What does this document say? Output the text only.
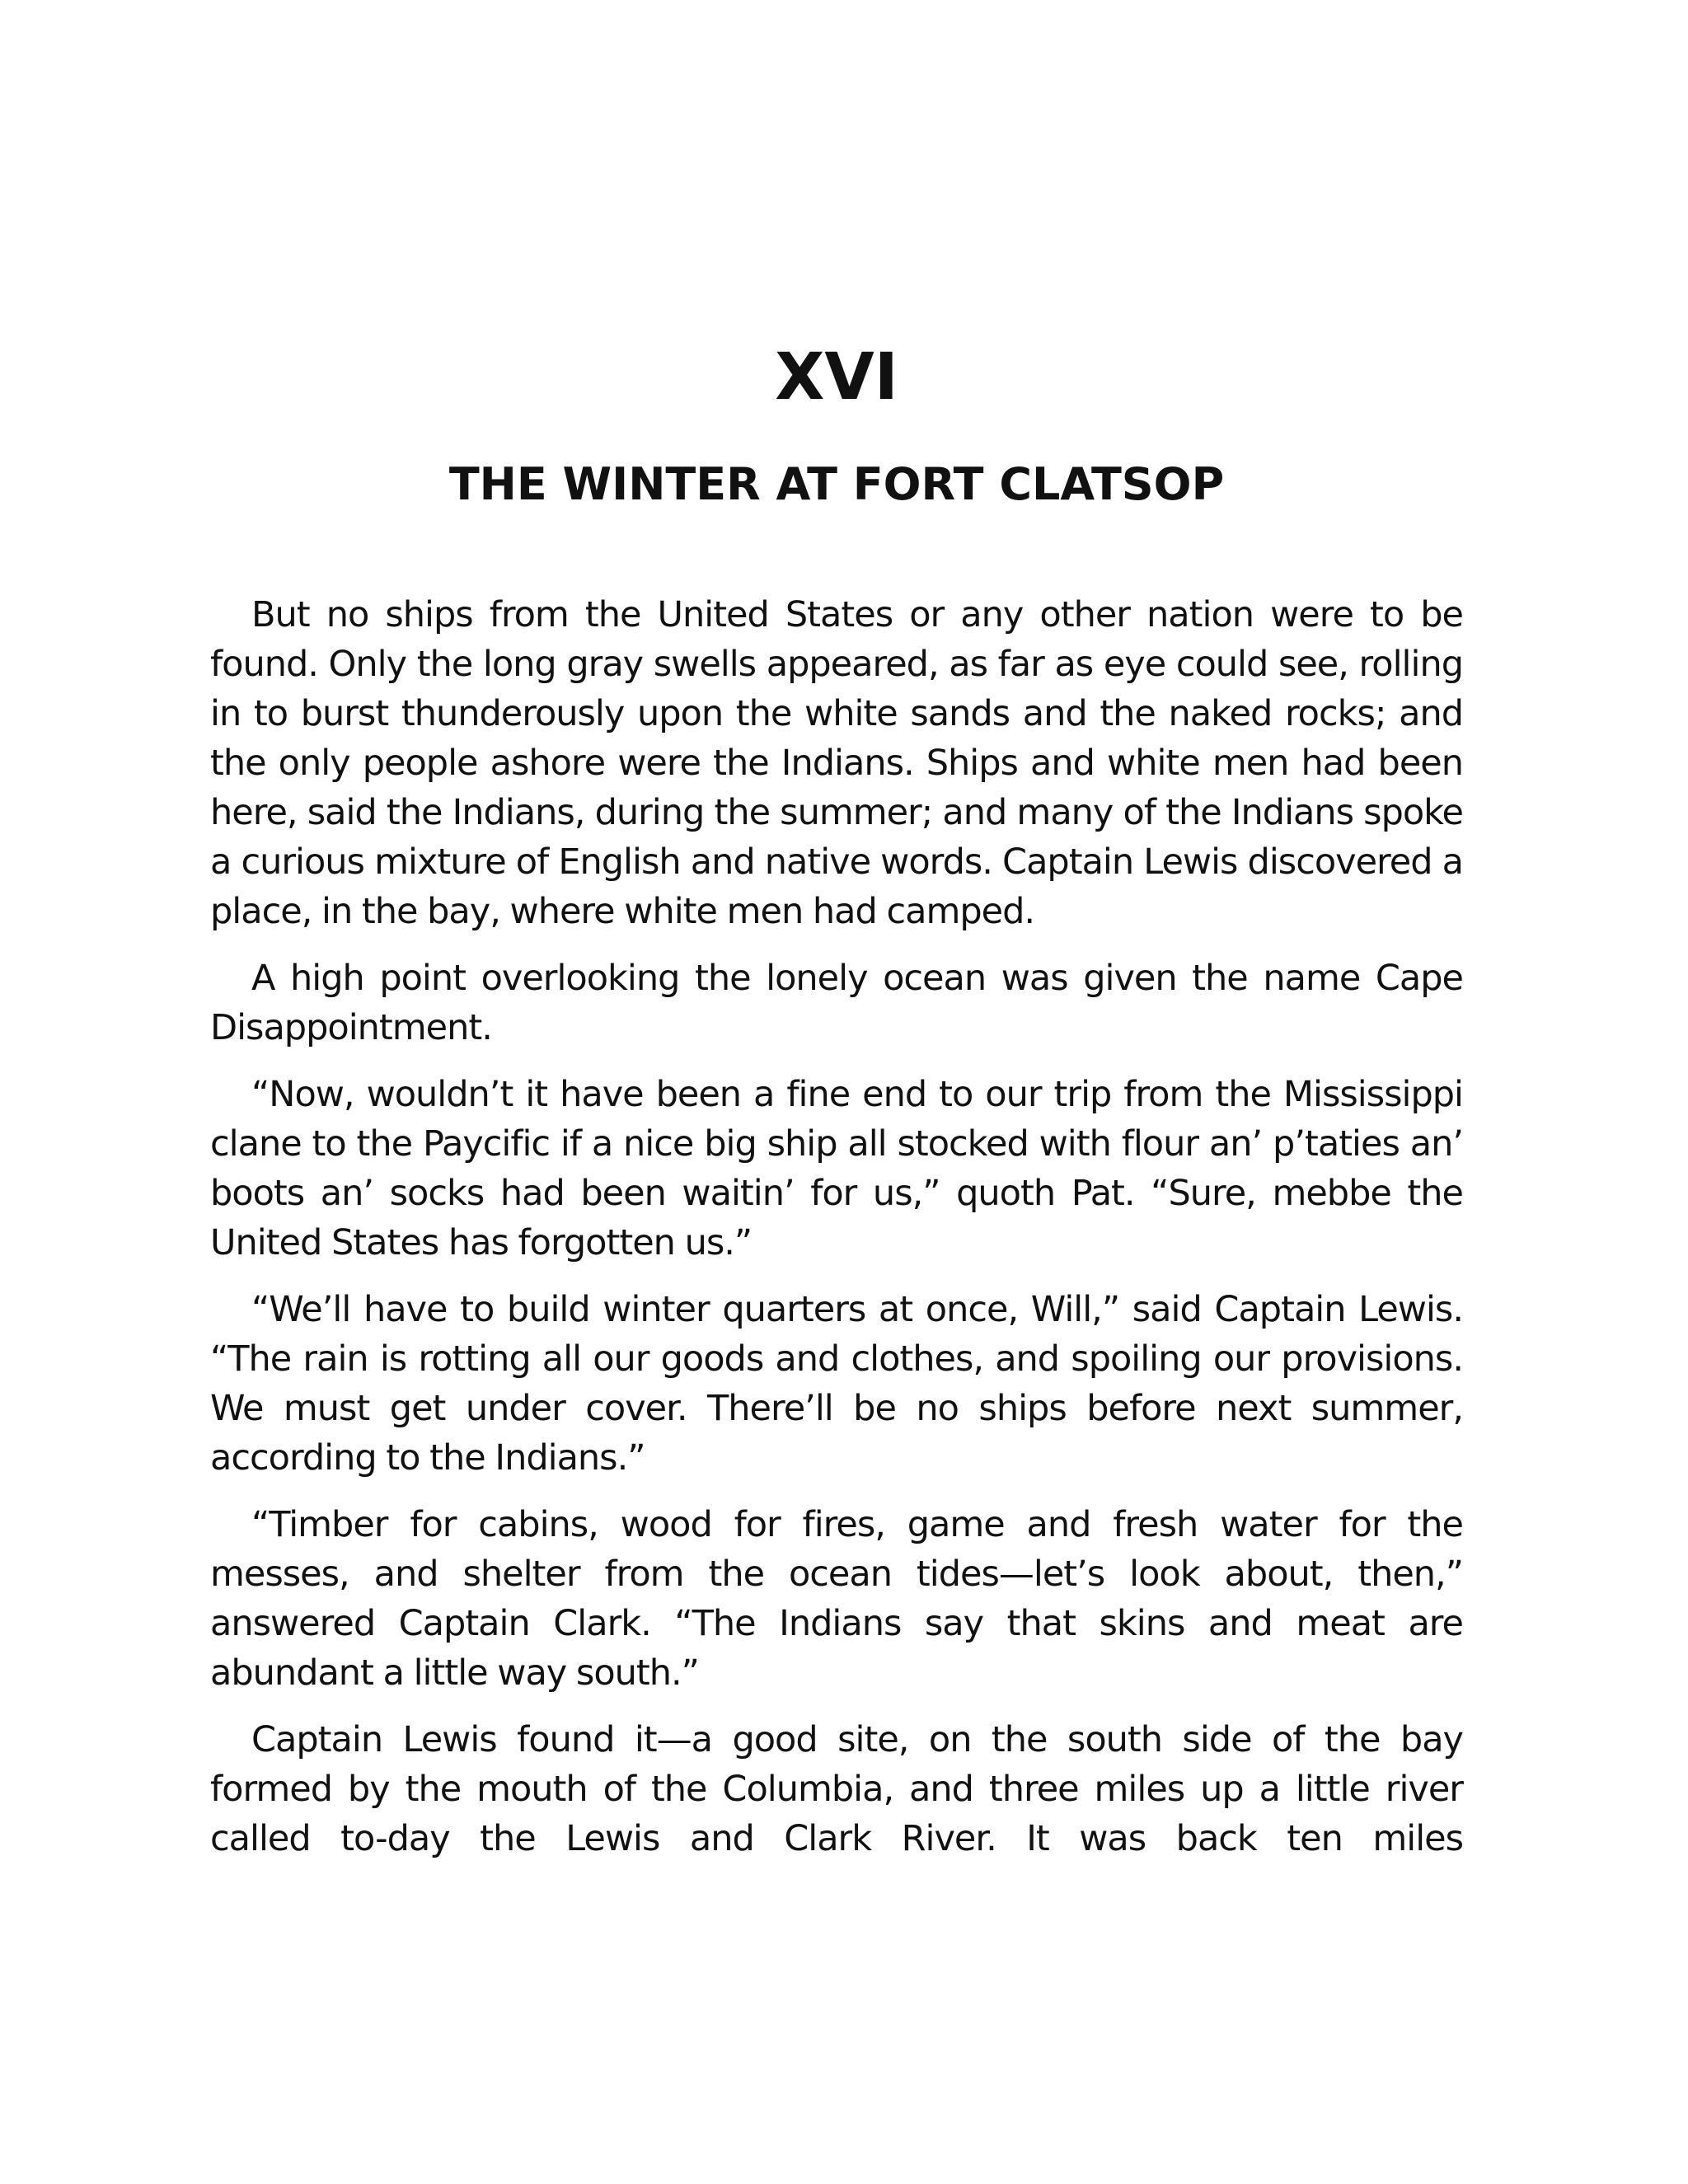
XVI
THE WINTER AT FORT CLATSOP

But no ships from the United States or any other nation were to be found. Only the long gray swells appeared, as far as eye could see, rolling in to burst thunderously upon the white sands and the naked rocks; and the only people ashore were the Indians. Ships and white men had been here, said the Indians, during the summer; and many of the Indians spoke a curious mixture of English and native words. Captain Lewis discovered a place, in the bay, where white men had camped.

A high point overlooking the lonely ocean was given the name Cape Disappointment.

“Now, wouldn’t it have been a fine end to our trip from the Mississippi clane to the Paycific if a nice big ship all stocked with flour an’ p’taties an’ boots an’ socks had been waitin’ for us,” quoth Pat. “Sure, mebbe the United States has forgotten us.”

“We’ll have to build winter quarters at once, Will,” said Captain Lewis. “The rain is rotting all our goods and clothes, and spoiling our provisions. We must get under cover. There’ll be no ships before next summer, according to the Indians.”

“Timber for cabins, wood for fires, game and fresh water for the messes, and shelter from the ocean tides—let’s look about, then,” answered Captain Clark. “The Indians say that skins and meat are abundant a little way south.”

Captain Lewis found it—a good site, on the south side of the bay formed by the mouth of the Columbia, and three miles up a little river called to-day the Lewis and Clark River. It was back ten miles
